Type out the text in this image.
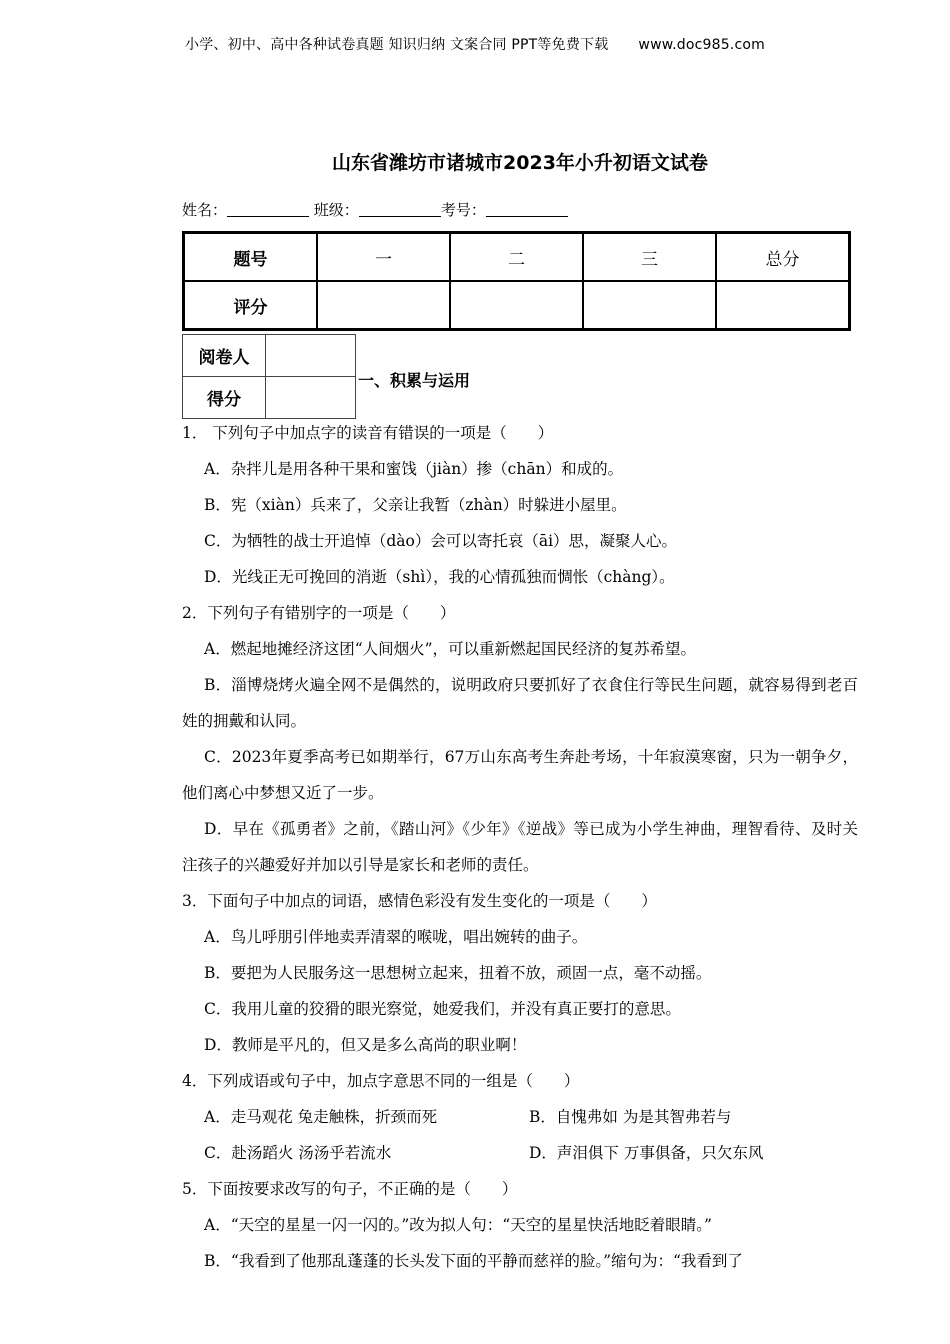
小学、初中、高中各种试卷真题 知识归纳 文案合同 PPT等免费下载 www.doc985.com
山东省潍坊市诸城市2023年小升初语文试卷
姓名：	班级：	考号：
题号	一	二	三	总分
评分				
阅卷人	
得分	
一、积累与运用

1． 下列句子中加点字的读音有错误的一项是（　　）

A．杂拌儿是用各种干果和蜜饯（jiàn）掺（chān）和成的。

B．宪（xiàn）兵来了，父亲让我暂（zhàn）时躲进小屋里。

C．为牺牲的战士开追悼（dào）会可以寄托哀（āi）思，凝聚人心。

D．光线正无可挽回的消逝（shì），我的心情孤独而惆怅（chàng）。

2．下列句子有错别字的一项是（　　）

A．燃起地摊经济这团“人间烟火”，可以重新燃起国民经济的复苏希望。

B．淄博烧烤火遍全网不是偶然的，说明政府只要抓好了衣食住行等民生问题，就容易得到老百姓的拥戴和认同。

C．2023年夏季高考已如期举行，67万山东高考生奔赴考场，十年寂漠寒窗，只为一朝争夕，他们离心中梦想又近了一步。

D．早在《孤勇者》之前，《踏山河》《少年》《逆战》等已成为小学生神曲，理智看待、及时关注孩子的兴趣爱好并加以引导是家长和老师的责任。

3．下面句子中加点的词语，感情色彩没有发生变化的一项是（　　）

A．鸟儿呼朋引伴地卖弄清翠的喉咙，唱出婉转的曲子。

B．要把为人民服务这一思想树立起来，扭着不放，顽固一点，毫不动摇。

C．我用儿童的狡猾的眼光察觉，她爱我们，并没有真正要打的意思。

D．教师是平凡的，但又是多么高尚的职业啊！

4．下列成语或句子中，加点字意思不同的一组是（　　）

A．走马观花 兔走触株，折颈而死	B．自愧弗如 为是其智弗若与
C．赴汤蹈火 汤汤乎若流水	D．声泪俱下 万事俱备，只欠东风

5．下面按要求改写的句子，不正确的是（　　）

A．“天空的星星一闪一闪的。”改为拟人句：“天空的星星快活地眨着眼睛。”

B．“我看到了他那乱蓬蓬的长头发下面的平静而慈祥的脸。”缩句为：“我看到了
